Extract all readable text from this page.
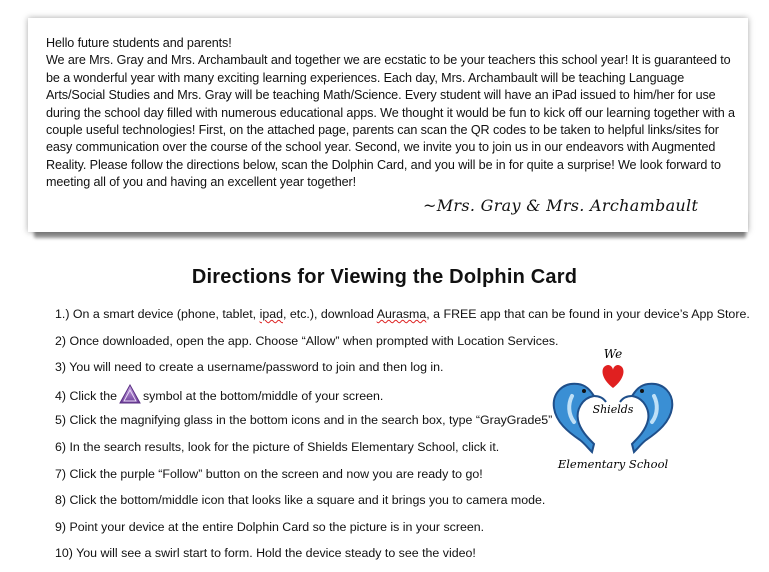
Hello future students and parents!

We are Mrs. Gray and Mrs. Archambault and together we are ecstatic to be your teachers this school year! It is guaranteed to be a wonderful year with many exciting learning experiences. Each day, Mrs. Archambault will be teaching Language Arts/Social Studies and Mrs. Gray will be teaching Math/Science. Every student will have an iPad issued to him/her for use during the school day filled with numerous educational apps. We thought it would be fun to kick off our learning together with a couple useful technologies! First, on the attached page, parents can scan the QR codes to be taken to helpful links/sites for easy communication over the course of the school year. Second, we invite you to join us in our endeavors with Augmented Reality. Please follow the directions below, scan the Dolphin Card, and you will be in for quite a surprise! We look forward to meeting all of you and having an excellent year together!

~Mrs. Gray & Mrs. Archambault
Directions for Viewing the Dolphin Card
1.) On a smart device (phone, tablet, ipad, etc.), download Aurasma, a FREE app that can be found in your device’s App Store.
2) Once downloaded, open the app. Choose “Allow” when prompted with Location Services.
3) You will need to create a username/password to join and then log in.
4) Click the symbol at the bottom/middle of your screen.
5) Click the magnifying glass in the bottom icons and in the search box, type “GrayGrade5”
6) In the search results, look for the picture of Shields Elementary School, click it.
7) Click the purple “Follow” button on the screen and now you are ready to go!
8) Click the bottom/middle icon that looks like a square and it brings you to camera mode.
9) Point your device at the entire Dolphin Card so the picture is in your screen.
10) You will see a swirl start to form. Hold the device steady to see the video!
We
Shields
Elementary School
